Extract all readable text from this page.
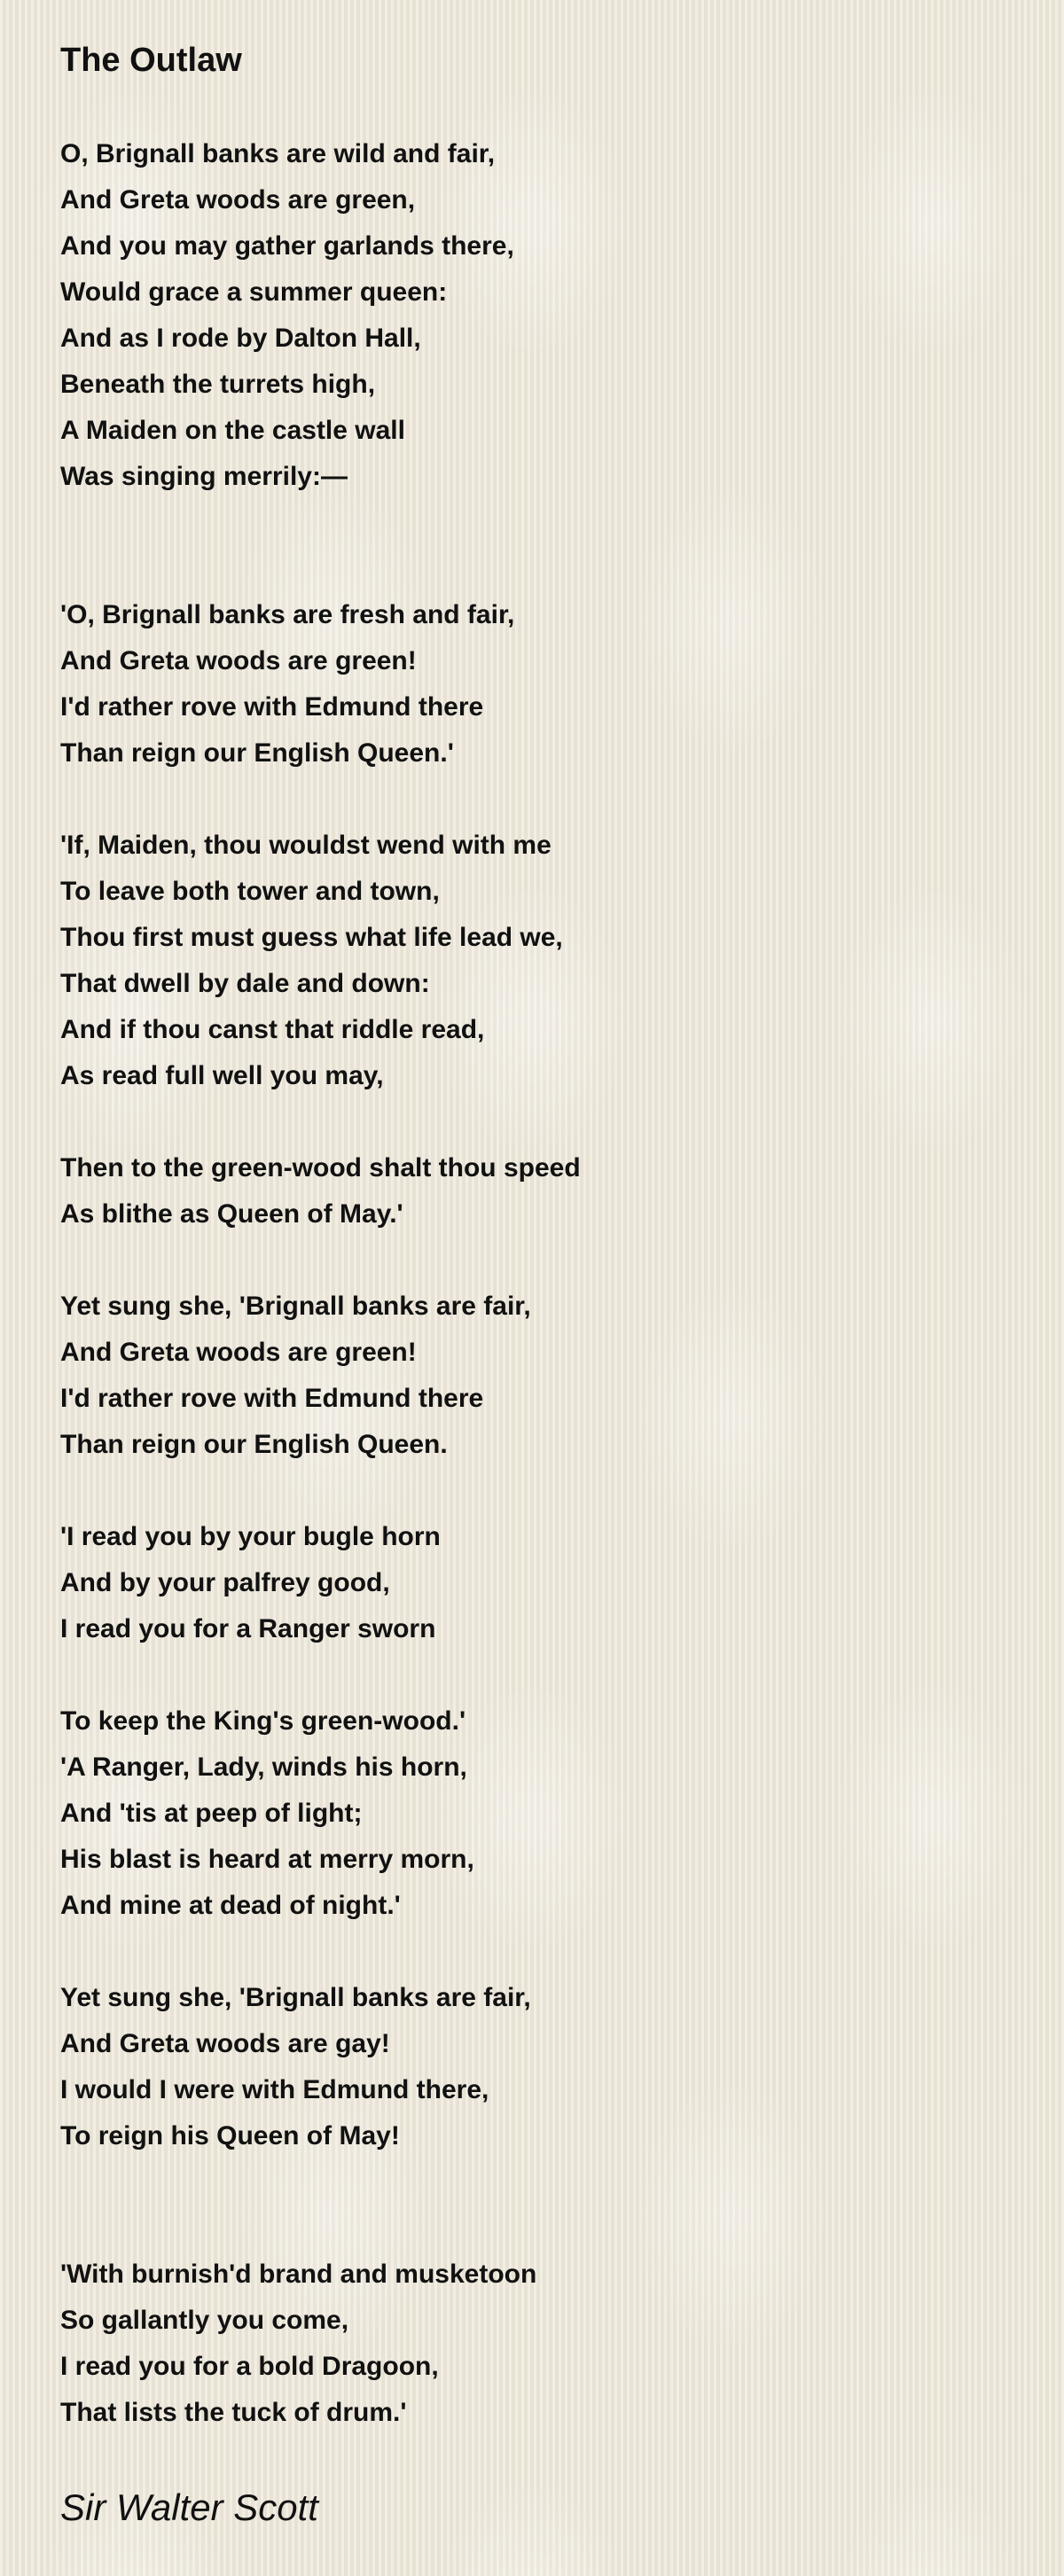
The Outlaw
O, Brignall banks are wild and fair,
And Greta woods are green,
And you may gather garlands there,
Would grace a summer queen:
And as I rode by Dalton Hall,
Beneath the turrets high,
A Maiden on the castle wall
Was singing merrily:—
'O, Brignall banks are fresh and fair,
And Greta woods are green!
I'd rather rove with Edmund there
Than reign our English Queen.'
'If, Maiden, thou wouldst wend with me
To leave both tower and town,
Thou first must guess what life lead we,
That dwell by dale and down:
And if thou canst that riddle read,
As read full well you may,
Then to the green-wood shalt thou speed
As blithe as Queen of May.'
Yet sung she, 'Brignall banks are fair,
And Greta woods are green!
I'd rather rove with Edmund there
Than reign our English Queen.
'I read you by your bugle horn
And by your palfrey good,
I read you for a Ranger sworn
To keep the King's green-wood.'
'A Ranger, Lady, winds his horn,
And 'tis at peep of light;
His blast is heard at merry morn,
And mine at dead of night.'
Yet sung she, 'Brignall banks are fair,
And Greta woods are gay!
I would I were with Edmund there,
To reign his Queen of May!
'With burnish'd brand and musketoon
So gallantly you come,
I read you for a bold Dragoon,
That lists the tuck of drum.'
Sir Walter Scott
